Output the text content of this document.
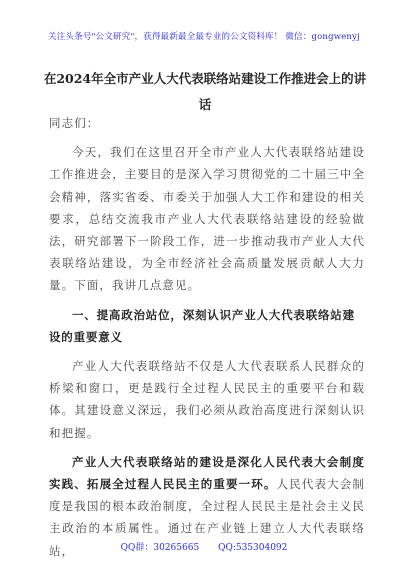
关注头条号"公文研究"，获得最新最全最专业的公文资料库！ 微信：gongwenyj
在2024年全市产业人大代表联络站建设工作推进会上的讲话

同志们：

今天，我们在这里召开全市产业人大代表联络站建设工作推进会，主要目的是深入学习贯彻党的二十届三中全会精神，落实省委、市委关于加强人大工作和建设的相关要求，总结交流我市产业人大代表联络站建设的经验做法，研究部署下一阶段工作，进一步推动我市产业人大代表联络站建设，为全市经济社会高质量发展贡献人大力量。下面，我讲几点意见。

一、提高政治站位，深刻认识产业人大代表联络站建设的重要意义

产业人大代表联络站不仅是人大代表联系人民群众的桥梁和窗口，更是践行全过程人民民主的重要平台和载体。其建设意义深远，我们必须从政治高度进行深刻认识和把握。

产业人大代表联络站的建设是深化人民代表大会制度实践、拓展全过程人民民主的重要一环。人民代表大会制度是我国的根本政治制度，全过程人民民主是社会主义民主政治的本质属性。通过在产业链上建立人大代表联络站，	QQ群：30265665 QQ:535304092
